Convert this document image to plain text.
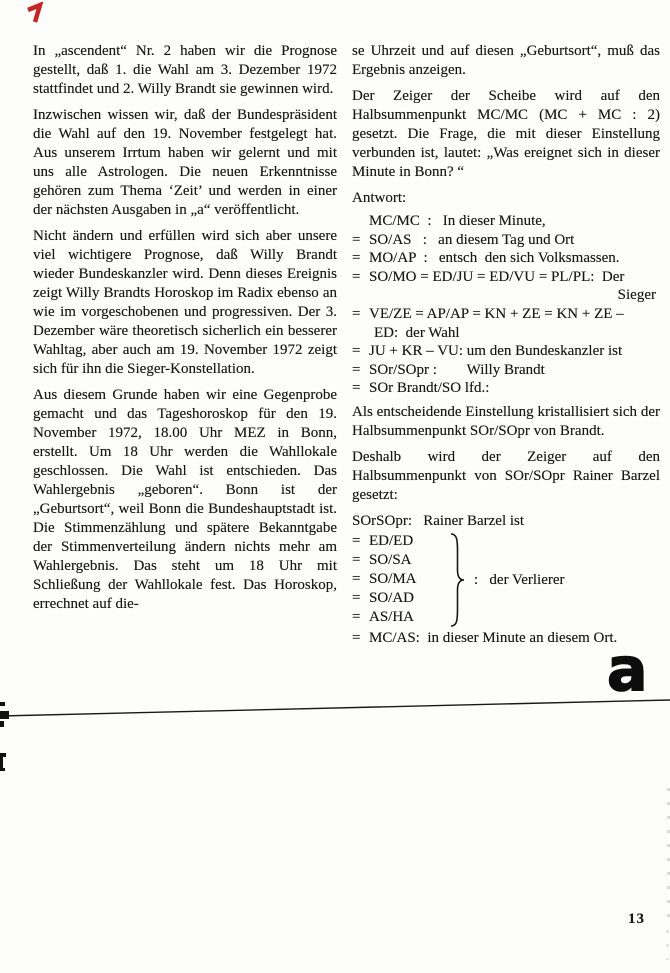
In „ascendent“ Nr. 2 haben wir die Prognose gestellt, daß 1. die Wahl am 3. Dezember 1972 stattfindet und 2. Willy Brandt sie gewinnen wird.

Inzwischen wissen wir, daß der Bundespräsident die Wahl auf den 19. November festgelegt hat. Aus unserem Irrtum haben wir gelernt und mit uns alle Astrologen. Die neuen Erkenntnisse gehören zum Thema ‘Zeit’ und werden in einer der nächsten Ausgaben in „a“ veröffentlicht.

Nicht ändern und erfüllen wird sich aber unsere viel wichtigere Prognose, daß Willy Brandt wieder Bundeskanzler wird. Denn dieses Ereignis zeigt Willy Brandts Horoskop im Radix ebenso an wie im vorgeschobenen und progressiven. Der 3. Dezember wäre theoretisch sicherlich ein besserer Wahltag, aber auch am 19. November 1972 zeigt sich für ihn die Sieger-Konstellation.

Aus diesem Grunde haben wir eine Gegenprobe gemacht und das Tageshoroskop für den 19. November 1972, 18.00 Uhr MEZ in Bonn, erstellt. Um 18 Uhr werden die Wahllokale geschlossen. Die Wahl ist entschieden. Das Wahlergebnis „geboren“. Bonn ist der „Geburtsort“, weil Bonn die Bundeshauptstadt ist. Die Stimmenzählung und spätere Bekanntgabe der Stimmenverteilung ändern nichts mehr am Wahlergebnis. Das steht um 18 Uhr mit Schließung der Wahllokale fest. Das Horoskop, errechnet auf die-

se Uhrzeit und auf diesen „Geburtsort“, muß das Ergebnis anzeigen.

Der Zeiger der Scheibe wird auf den Halbsummenpunkt MC/MC (MC + MC : 2) gesetzt. Die Frage, die mit dieser Einstellung verbunden ist, lautet: „Was ereignet sich in dieser Minute in Bonn? “

Antwort:

MC/MC  :   In dieser Minute,
= SO/AS   :   an diesem Tag und Ort
= MO/AP  :   entsch  den sich Volksmassen.
= SO/MO = ED/JU = ED/VU = PL/PL:  Der
Sieger
= VE/ZE = AP/AP = KN + ZE = KN + ZE –
ED:  der Wahl
= JU + KR – VU: um den Bundeskanzler ist
= SOr/SOpr :        Willy Brandt
= SOr Brandt/SO lfd.:

Als entscheidende Einstellung kristallisiert sich der Halbsummenpunkt SOr/SOpr von Brandt.

Deshalb wird der Zeiger auf den Halbsummenpunkt von SOr/SOpr Rainer Barzel gesetzt:

SOrSOpr:   Rainer Barzel ist
= ED/ED
= SO/SA
= SO/MA
= SO/AD
= AS/HA
:   der Verlierer
= MC/AS:  in dieser Minute an diesem Ort.
a
13
